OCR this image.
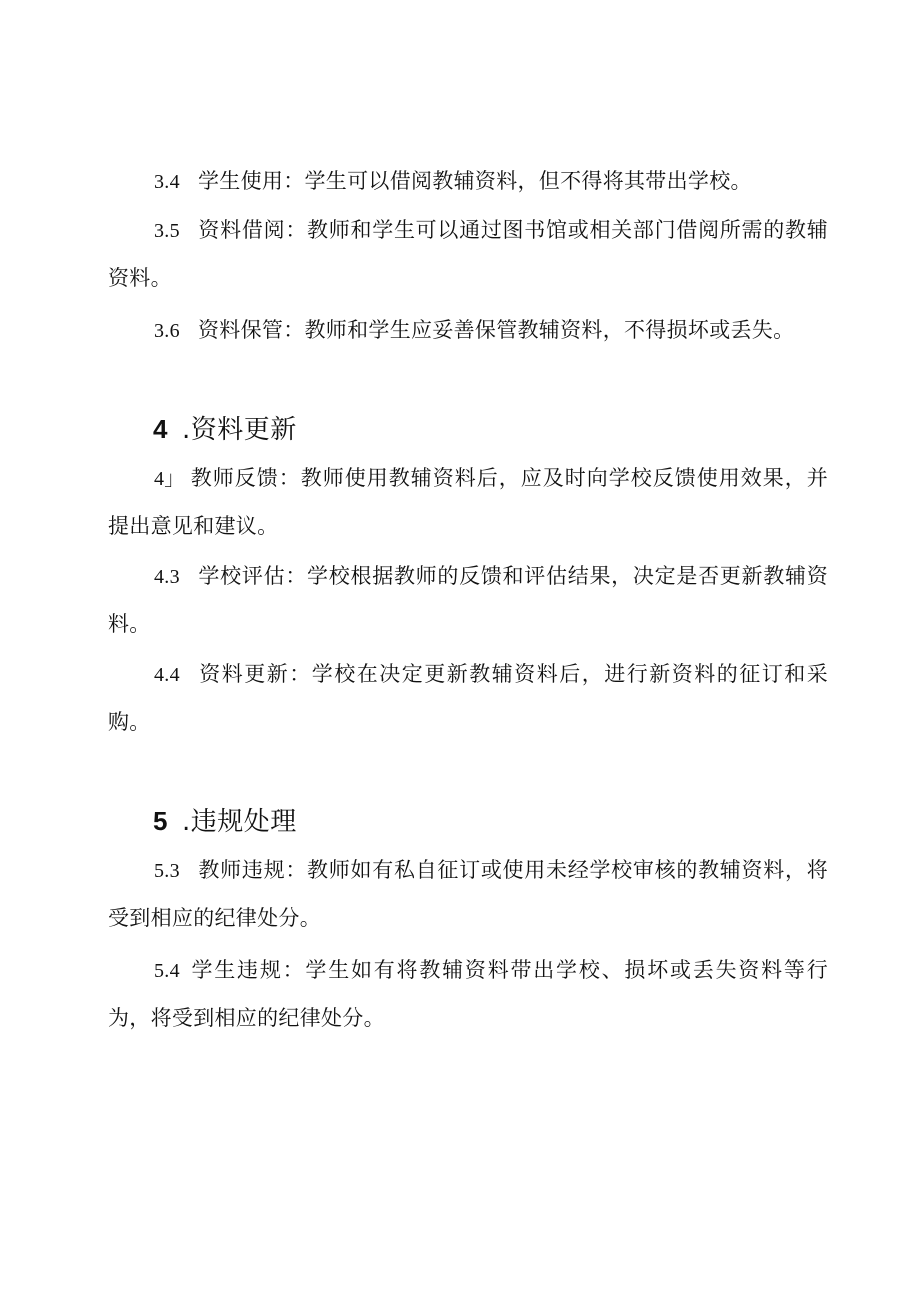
3.4 学生使用：学生可以借阅教辅资料，但不得将其带出学校。

3.5 资料借阅：教师和学生可以通过图书馆或相关部门借阅所需的教辅资料。

3.6 资料保管：教师和学生应妥善保管教辅资料，不得损坏或丢失。

4 .资料更新

4」 教师反馈：教师使用教辅资料后，应及时向学校反馈使用效果，并提出意见和建议。

4.3 学校评估：学校根据教师的反馈和评估结果，决定是否更新教辅资料。

4.4 资料更新：学校在决定更新教辅资料后，进行新资料的征订和采购。

5 .违规处理

5.3 教师违规：教师如有私自征订或使用未经学校审核的教辅资料，将受到相应的纪律处分。

5.4 学生违规：学生如有将教辅资料带出学校、损坏或丢失资料等行为，将受到相应的纪律处分。
